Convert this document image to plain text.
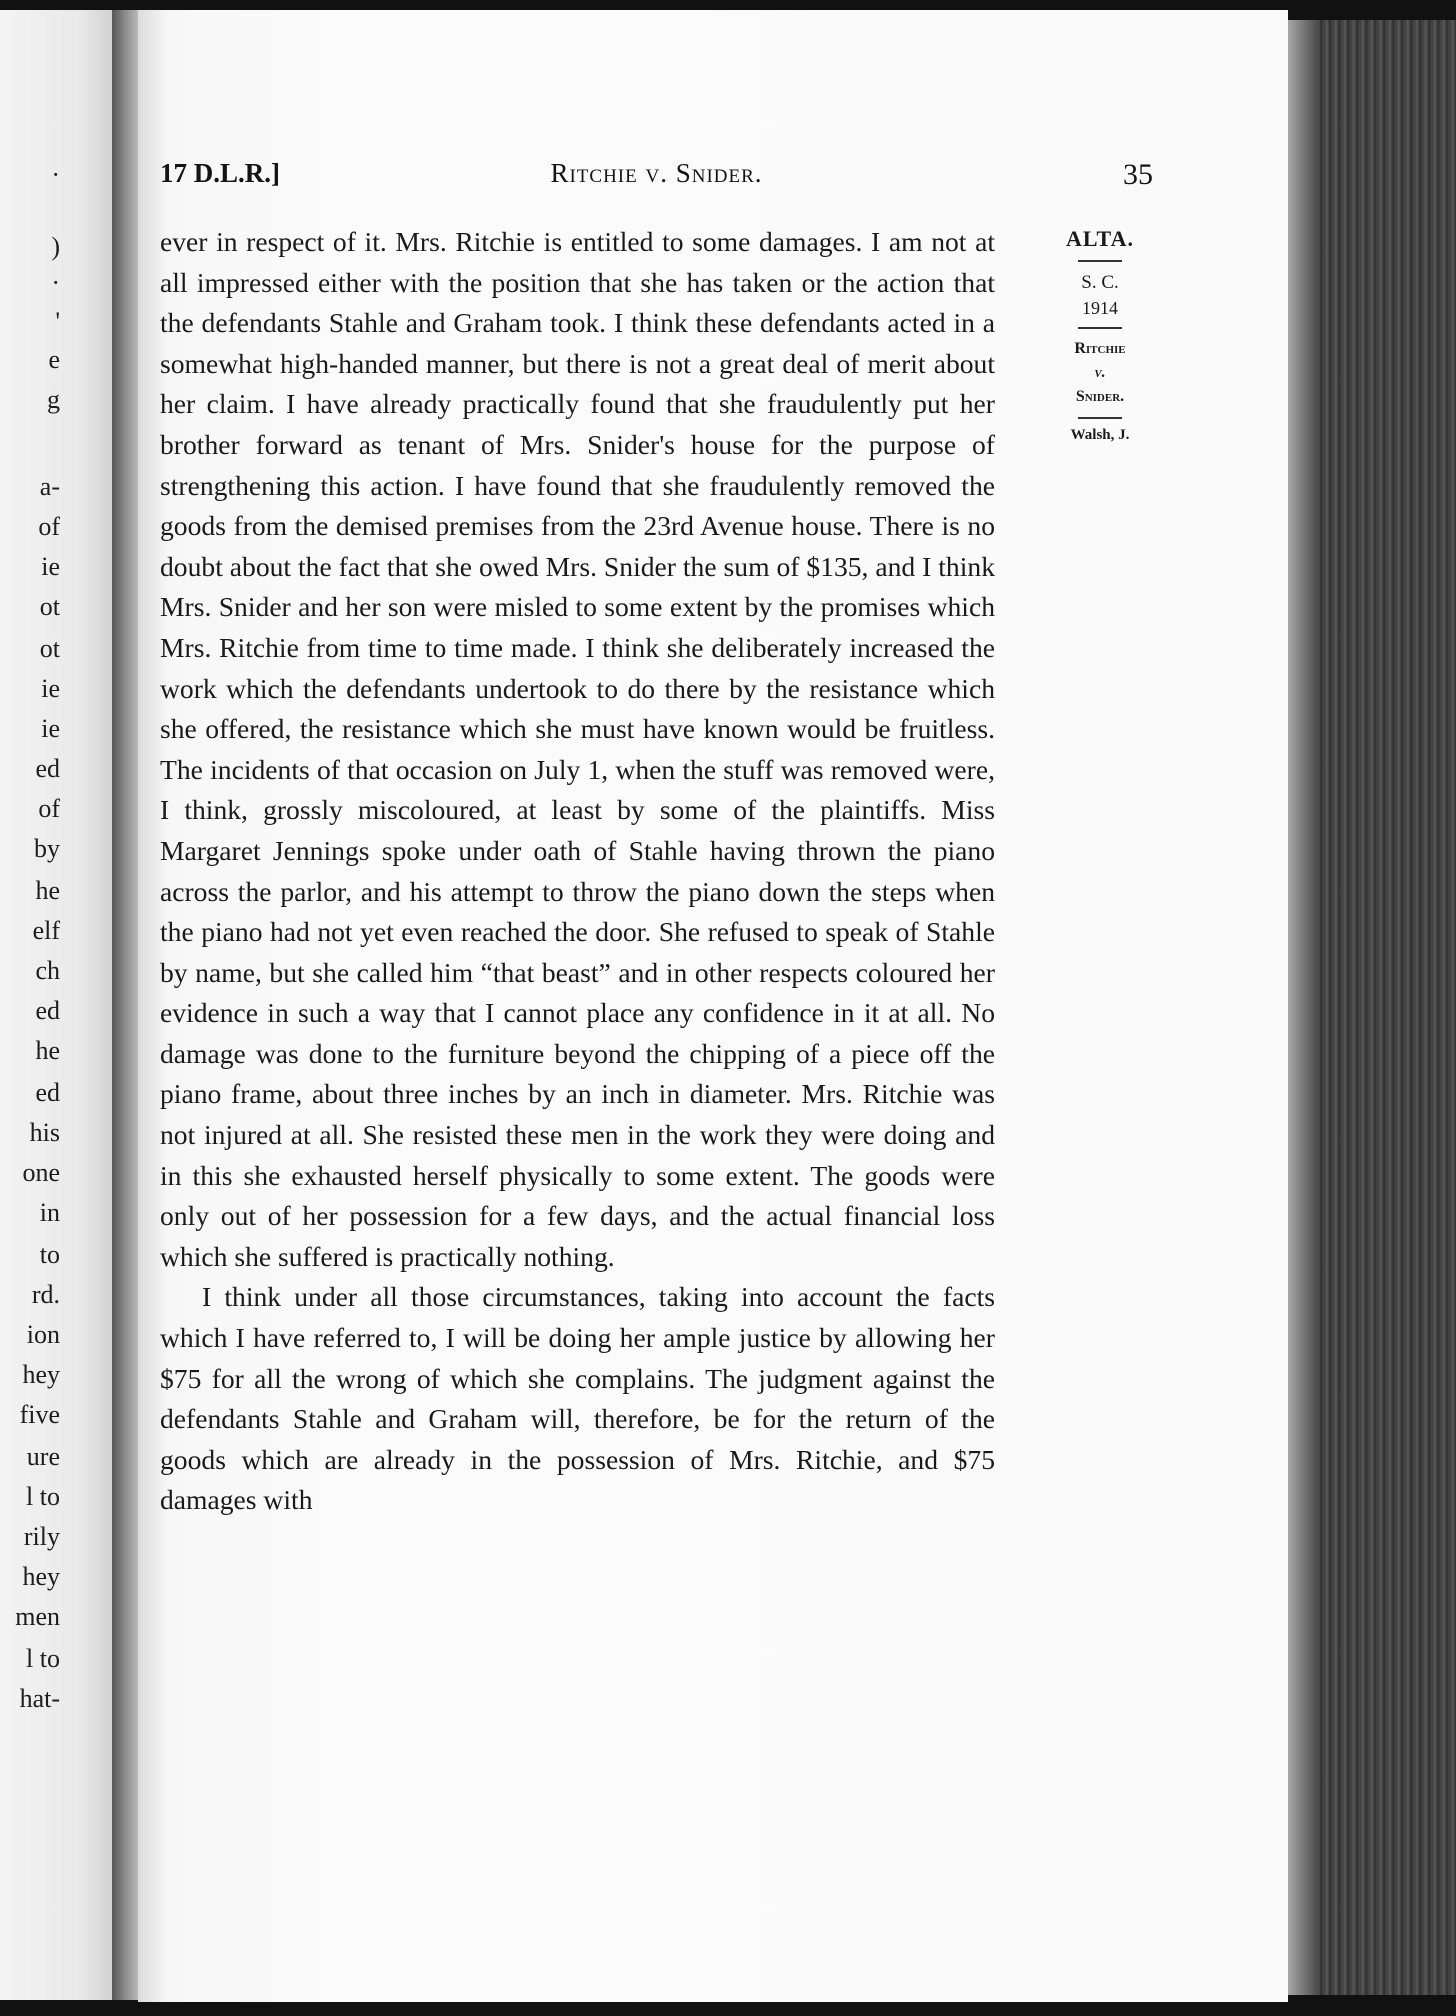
·
)
·
'
e
g
a-
of
ie
ot
ot
ie
ie
ed
of
by
he
elf
ch
ed
he
ed
his
one
in
to
rd.
ion
hey
five
ure
l to
rily
hey
men
l to
hat-
17 D.L.R.]	Ritchie v. Snider.	35

ever in respect of it. Mrs. Ritchie is entitled to some damages. I am not at all impressed either with the position that she has taken or the action that the defendants Stahle and Graham took. I think these defendants acted in a somewhat high-handed manner, but there is not a great deal of merit about her claim. I have already practically found that she fraudulently put her brother forward as tenant of Mrs. Snider's house for the purpose of strengthening this action. I have found that she fraudulently removed the goods from the demised premises from the 23rd Avenue house. There is no doubt about the fact that she owed Mrs. Snider the sum of $135, and I think Mrs. Snider and her son were misled to some extent by the promises which Mrs. Ritchie from time to time made. I think she deliberately increased the work which the defendants undertook to do there by the resistance which she offered, the resistance which she must have known would be fruitless. The incidents of that occasion on July 1, when the stuff was removed were, I think, grossly miscoloured, at least by some of the plaintiffs. Miss Margaret Jennings spoke under oath of Stahle having thrown the piano across the parlor, and his attempt to throw the piano down the steps when the piano had not yet even reached the door. She refused to speak of Stahle by name, but she called him “that beast” and in other respects coloured her evidence in such a way that I cannot place any confidence in it at all. No damage was done to the furniture beyond the chipping of a piece off the piano frame, about three inches by an inch in diameter. Mrs. Ritchie was not injured at all. She resisted these men in the work they were doing and in this she exhausted herself physically to some extent. The goods were only out of her possession for a few days, and the actual financial loss which she suffered is practically nothing.

I think under all those circumstances, taking into account the facts which I have referred to, I will be doing her ample justice by allowing her $75 for all the wrong of which she complains. The judgment against the defendants Stahle and Graham will, therefore, be for the return of the goods which are already in the possession of Mrs. Ritchie, and $75 damages with

ALTA.
S. C.
1914
Ritchie
v.
Snider.
Walsh, J.
